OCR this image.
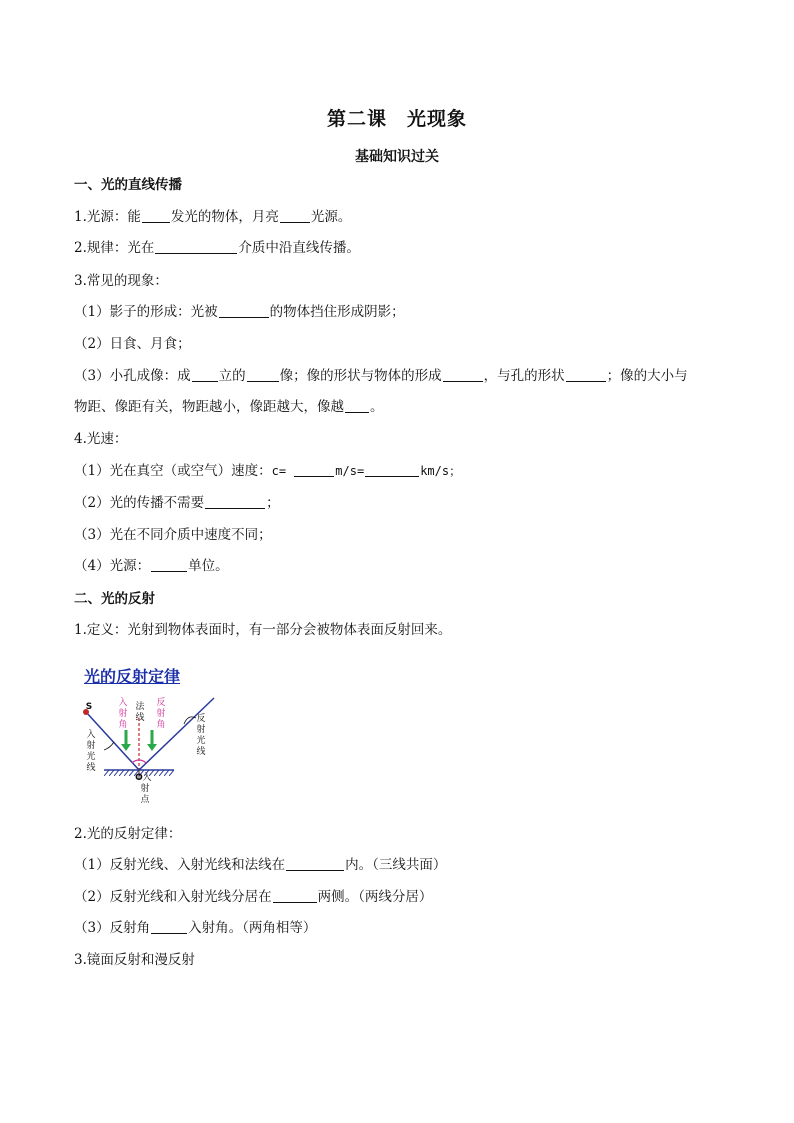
第二课　光现象
基础知识过关
一、光的直线传播
1.光源：能 发光的物体，月亮 光源。
2.规律：光在	介质中沿直线传播。
3.常见的现象：
（1）影子的形成：光被	的物体挡住形成阴影；
（2）日食、月食；
（3）小孔成像：成 立的	像；像的形状与物体的形成	，与孔的形状	；像的大小与
物距、像距有关，物距越小，像距越大，像越 。
4.光速：
（1）光在真空（或空气）速度：c=	m/s=	km/s；
（2）光的传播不需要	；
（3）光在不同介质中速度不同；
（4）光源：	单位。
二、光的反射
1.定义：光射到物体表面时，有一部分会被物体表面反射回来。
光的反射定律
S	入
射
角
法
线
反
射
角
反
射
光
线
入
射
光
线
O 入
射
点
2.光的反射定律：
（1）反射光线、入射光线和法线在	内。（三线共面）
（2）反射光线和入射光线分居在	两侧。（两线分居）
（3）反射角	入射角。（两角相等）
3.镜面反射和漫反射
